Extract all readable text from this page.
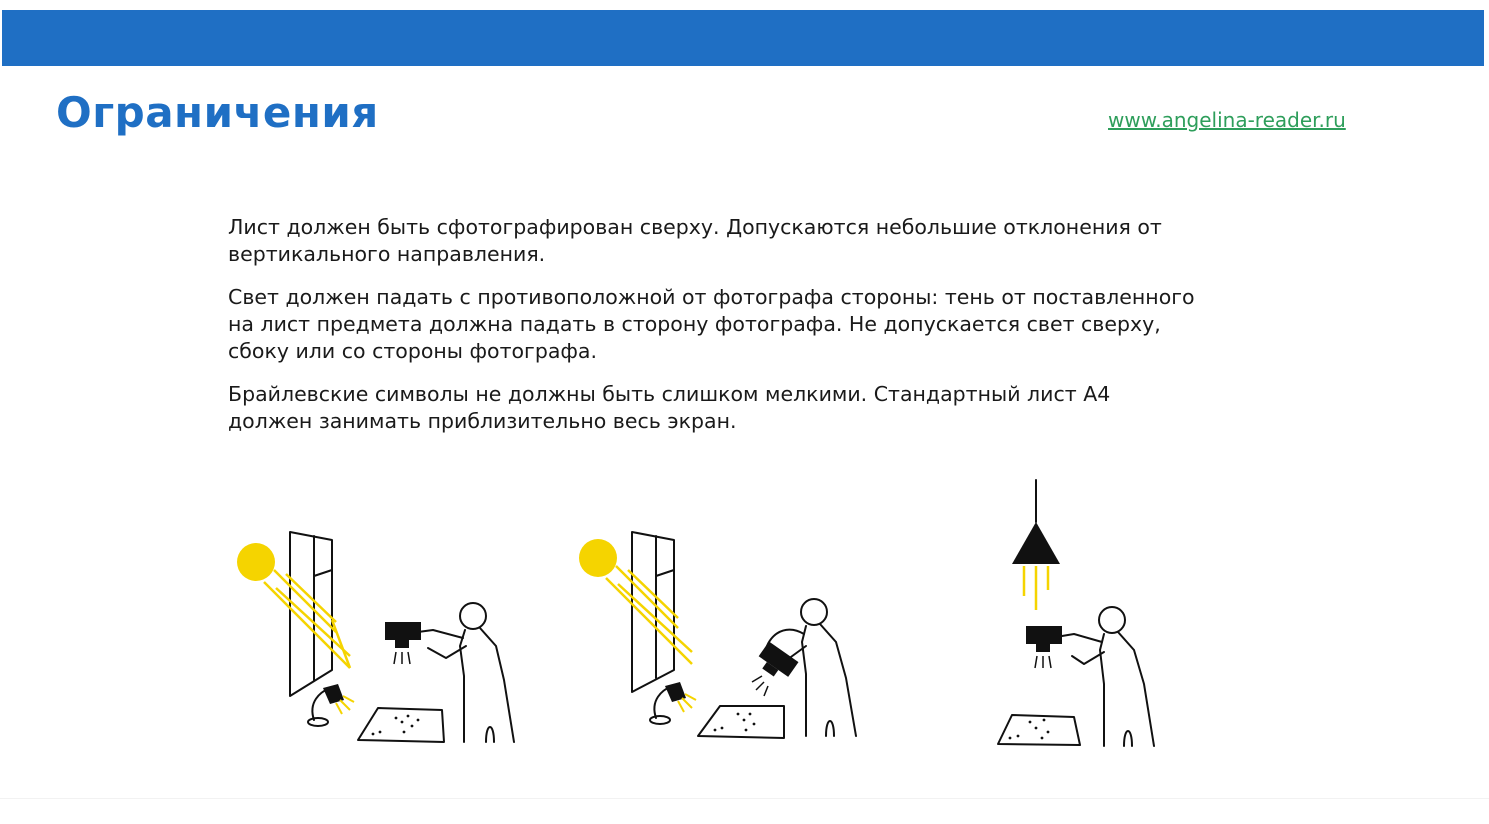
Ограничения	www.angelina-reader.ru

Лист должен быть сфотографирован сверху. Допускаются небольшие отклонения от
вертикального направления.

Свет должен падать с противоположной от фотографа стороны: тень от поставленного
на лист предмета должна падать в сторону фотографа. Не допускается свет сверху,
сбоку или со стороны фотографа.

Брайлевские символы не должны быть слишком мелкими. Стандартный лист А4
должен занимать приблизительно весь экран.
